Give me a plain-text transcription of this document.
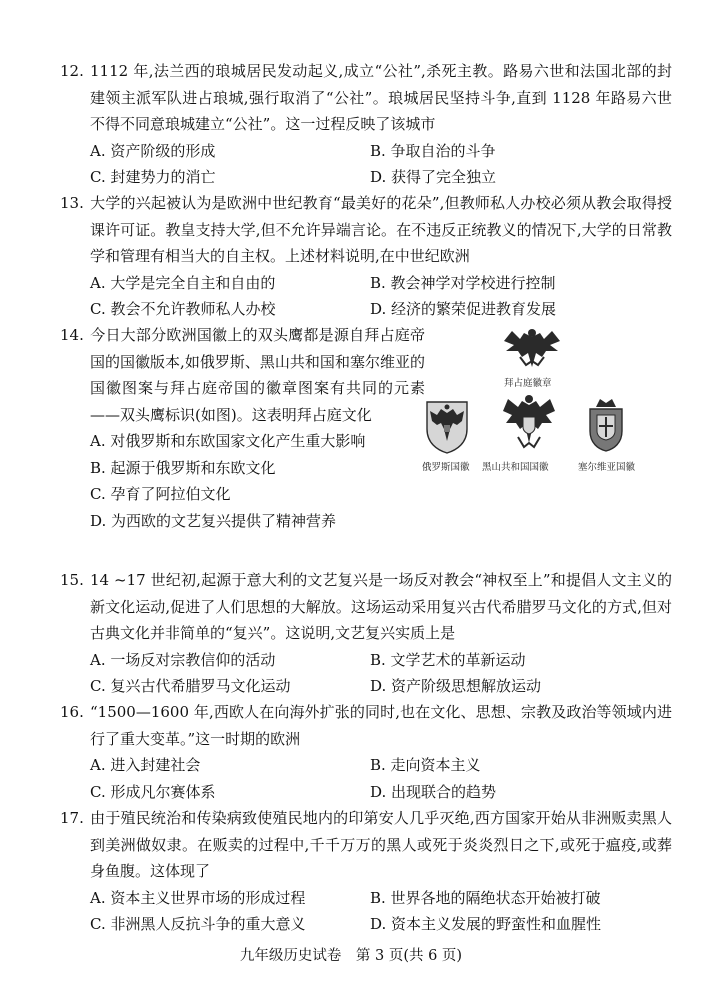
12. 1112 年,法兰西的琅城居民发动起义,成立“公社”,杀死主教。路易六世和法国北部的封建领主派军队进占琅城,强行取消了“公社”。琅城居民坚持斗争,直到 1128 年路易六世不得不同意琅城建立“公社”。这一过程反映了该城市

A. 资产阶级的形成	B. 争取自治的斗争
C. 封建势力的消亡	D. 获得了完全独立

13. 大学的兴起被认为是欧洲中世纪教育“最美好的花朵”,但教师私人办校必须从教会取得授课许可证。教皇支持大学,但不允许异端言论。在不违反正统教义的情况下,大学的日常教学和管理有相当大的自主权。上述材料说明,在中世纪欧洲

A. 大学是完全自主和自由的	B. 教会神学对学校进行控制
C. 教会不允许教师私人办校	D. 经济的繁荣促进教育发展

14. 今日大部分欧洲国徽上的双头鹰都是源自拜占庭帝国的国徽版本,如俄罗斯、黑山共和国和塞尔维亚的国徽图案与拜占庭帝国的徽章图案有共同的元素——双头鹰标识(如图)。这表明拜占庭文化

A. 对俄罗斯和东欧国家文化产生重大影响
B. 起源于俄罗斯和东欧文化
C. 孕育了阿拉伯文化
D. 为西欧的文艺复兴提供了精神营养
拜占庭徽章
俄罗斯国徽 黑山共和国国徽	塞尔维亚国徽

15. 14 ~17 世纪初,起源于意大利的文艺复兴是一场反对教会“神权至上”和提倡人文主义的新文化运动,促进了人们思想的大解放。这场运动采用复兴古代希腊罗马文化的方式,但对古典文化并非简单的“复兴”。这说明,文艺复兴实质上是

A. 一场反对宗教信仰的活动	B. 文学艺术的革新运动
C. 复兴古代希腊罗马文化运动	D. 资产阶级思想解放运动

16. “1500—1600 年,西欧人在向海外扩张的同时,也在文化、思想、宗教及政治等领域内进行了重大变革。”这一时期的欧洲

A. 进入封建社会	B. 走向资本主义
C. 形成凡尔赛体系	D. 出现联合的趋势

17. 由于殖民统治和传染病致使殖民地内的印第安人几乎灭绝,西方国家开始从非洲贩卖黑人到美洲做奴隶。在贩卖的过程中,千千万万的黑人或死于炎炎烈日之下,或死于瘟疫,或葬身鱼腹。这体现了

A. 资本主义世界市场的形成过程	B. 世界各地的隔绝状态开始被打破
C. 非洲黑人反抗斗争的重大意义	D. 资本主义发展的野蛮性和血腥性
九年级历史试卷　第 3 页(共 6 页)
